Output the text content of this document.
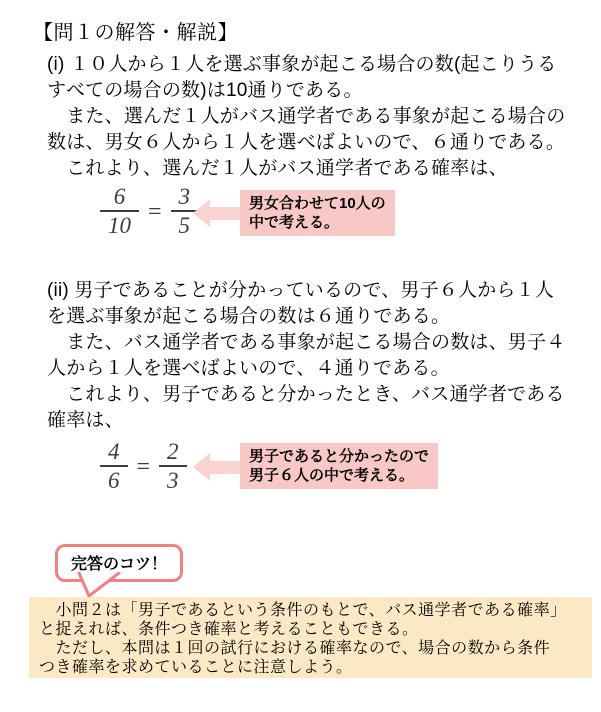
【問１の解答・解説】
(i) １０人から１人を選ぶ事象が起こる場合の数(起こりうる
すべての場合の数)は10通りである。
　また、選んだ１人がバス通学者である事象が起こる場合の
数は、男女６人から１人を選べばよいので、６通りである。
　これより、選んだ１人がバス通学者である確率は、
$\frac{6}{10} = \frac{3}{5}$	男女合わせて10人の
中で考える。
(ii) 男子であることが分かっているので、男子６人から１人
を選ぶ事象が起こる場合の数は６通りである。
　また、バス通学者である事象が起こる場合の数は、男子４
人から１人を選べばよいので、４通りである。
　これより、男子であると分かったとき、バス通学者である
確率は、
$\frac{4}{6} = \frac{2}{3}$	男子であると分かったので
男子６人の中で考える。
完答のコツ！
　小問２は「男子であるという条件のもとで、バス通学者である確率」
と捉えれば、条件つき確率と考えることもできる。
　ただし、本問は１回の試行における確率なので、場合の数から条件
つき確率を求めていることに注意しよう。
